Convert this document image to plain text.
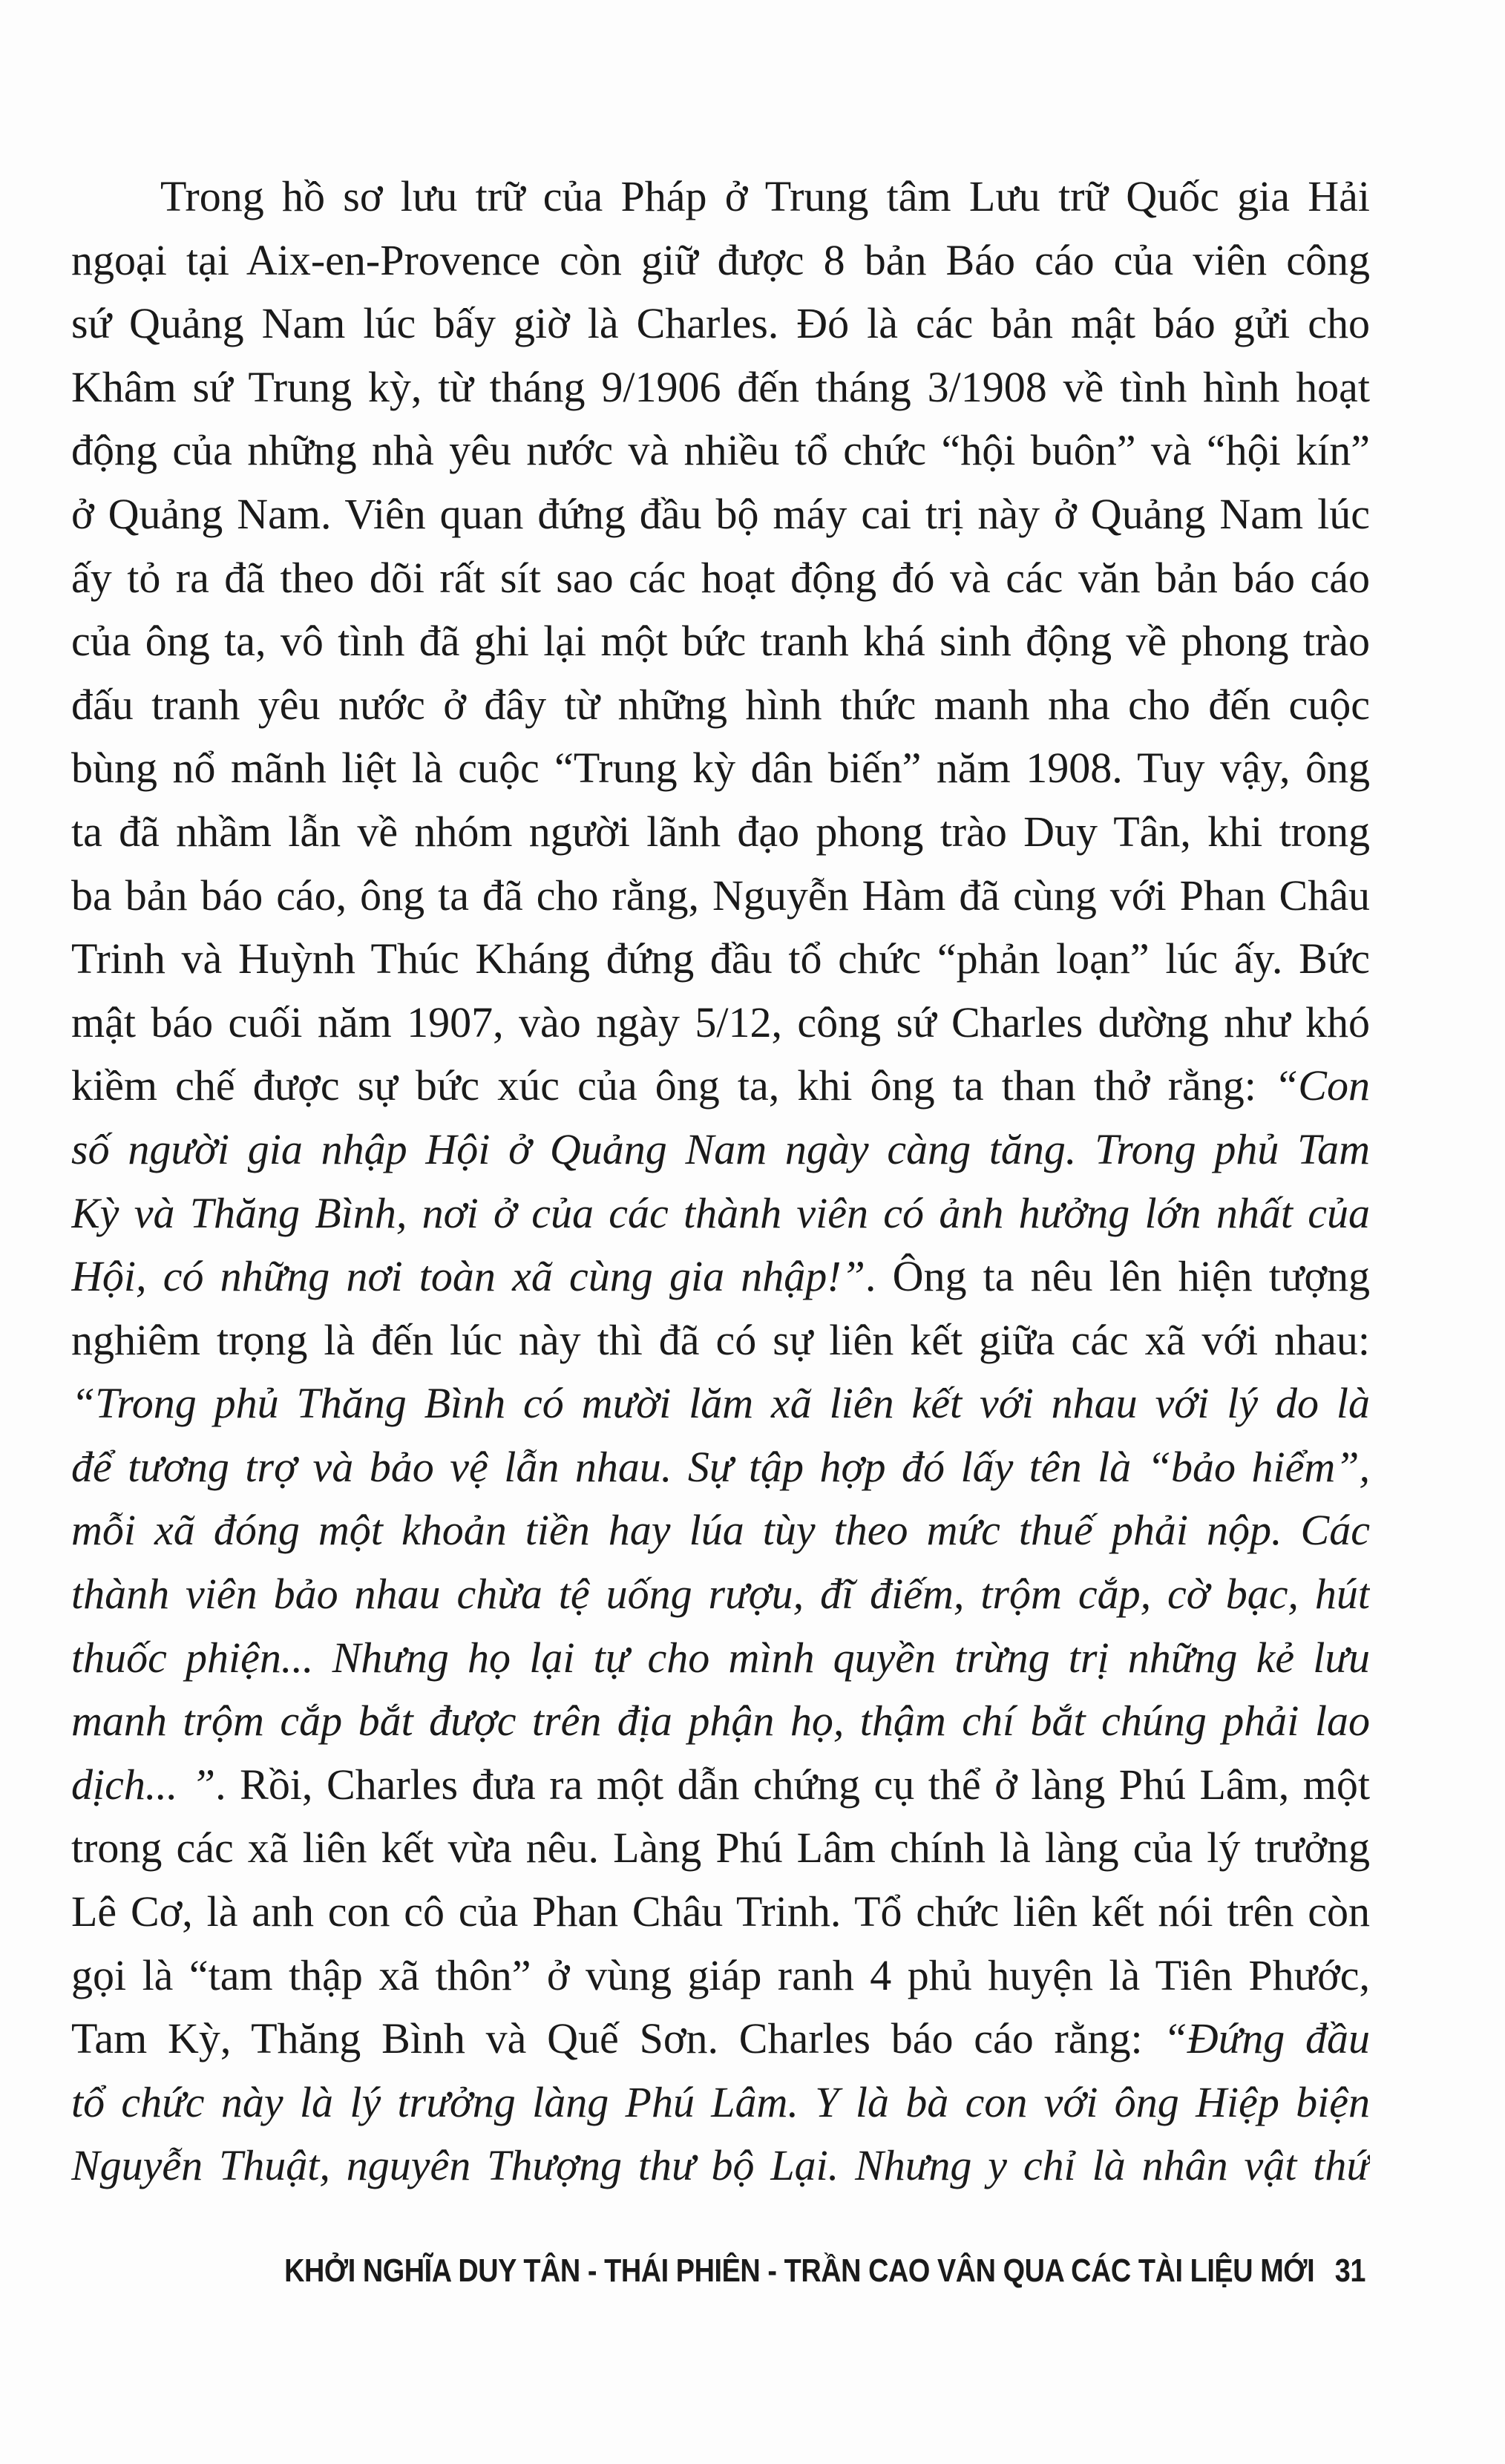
Trong hồ sơ lưu trữ của Pháp ở Trung tâm Lưu trữ Quốc gia Hải
ngoại tại Aix-en-Provence còn giữ được 8 bản Báo cáo của viên công
sứ Quảng Nam lúc bấy giờ là Charles. Đó là các bản mật báo gửi cho
Khâm sứ Trung kỳ, từ tháng 9/1906 đến tháng 3/1908 về tình hình hoạt
động của những nhà yêu nước và nhiều tổ chức “hội buôn” và “hội kín”
ở Quảng Nam. Viên quan đứng đầu bộ máy cai trị này ở Quảng Nam lúc
ấy tỏ ra đã theo dõi rất sít sao các hoạt động đó và các văn bản báo cáo
của ông ta, vô tình đã ghi lại một bức tranh khá sinh động về phong trào
đấu tranh yêu nước ở đây từ những hình thức manh nha cho đến cuộc
bùng nổ mãnh liệt là cuộc “Trung kỳ dân biến” năm 1908. Tuy vậy, ông
ta đã nhầm lẫn về nhóm người lãnh đạo phong trào Duy Tân, khi trong
ba bản báo cáo, ông ta đã cho rằng, Nguyễn Hàm đã cùng với Phan Châu
Trinh và Huỳnh Thúc Kháng đứng đầu tổ chức “phản loạn” lúc ấy. Bức
mật báo cuối năm 1907, vào ngày 5/12, công sứ Charles dường như khó
kiềm chế được sự bức xúc của ông ta, khi ông ta than thở rằng: “Con
số người gia nhập Hội ở Quảng Nam ngày càng tăng. Trong phủ Tam
Kỳ và Thăng Bình, nơi ở của các thành viên có ảnh hưởng lớn nhất của
Hội, có những nơi toàn xã cùng gia nhập!”. Ông ta nêu lên hiện tượng
nghiêm trọng là đến lúc này thì đã có sự liên kết giữa các xã với nhau:
“Trong phủ Thăng Bình có mười lăm xã liên kết với nhau với lý do là
để tương trợ và bảo vệ lẫn nhau. Sự tập hợp đó lấy tên là “bảo hiểm”,
mỗi xã đóng một khoản tiền hay lúa tùy theo mức thuế phải nộp. Các
thành viên bảo nhau chừa tệ uống rượu, đĩ điếm, trộm cắp, cờ bạc, hút
thuốc phiện... Nhưng họ lại tự cho mình quyền trừng trị những kẻ lưu
manh trộm cắp bắt được trên địa phận họ, thậm chí bắt chúng phải lao
dịch... ”. Rồi, Charles đưa ra một dẫn chứng cụ thể ở làng Phú Lâm, một
trong các xã liên kết vừa nêu. Làng Phú Lâm chính là làng của lý trưởng
Lê Cơ, là anh con cô của Phan Châu Trinh. Tổ chức liên kết nói trên còn
gọi là “tam thập xã thôn” ở vùng giáp ranh 4 phủ huyện là Tiên Phước,
Tam Kỳ, Thăng Bình và Quế Sơn. Charles báo cáo rằng: “Đứng đầu
tổ chức này là lý trưởng làng Phú Lâm. Y là bà con với ông Hiệp biện
Nguyễn Thuật, nguyên Thượng thư bộ Lại. Nhưng y chỉ là nhân vật thứ
KHỞI NGHĨA DUY TÂN - THÁI PHIÊN - TRẦN CAO VÂN QUA CÁC TÀI LIỆU MỚI 31
